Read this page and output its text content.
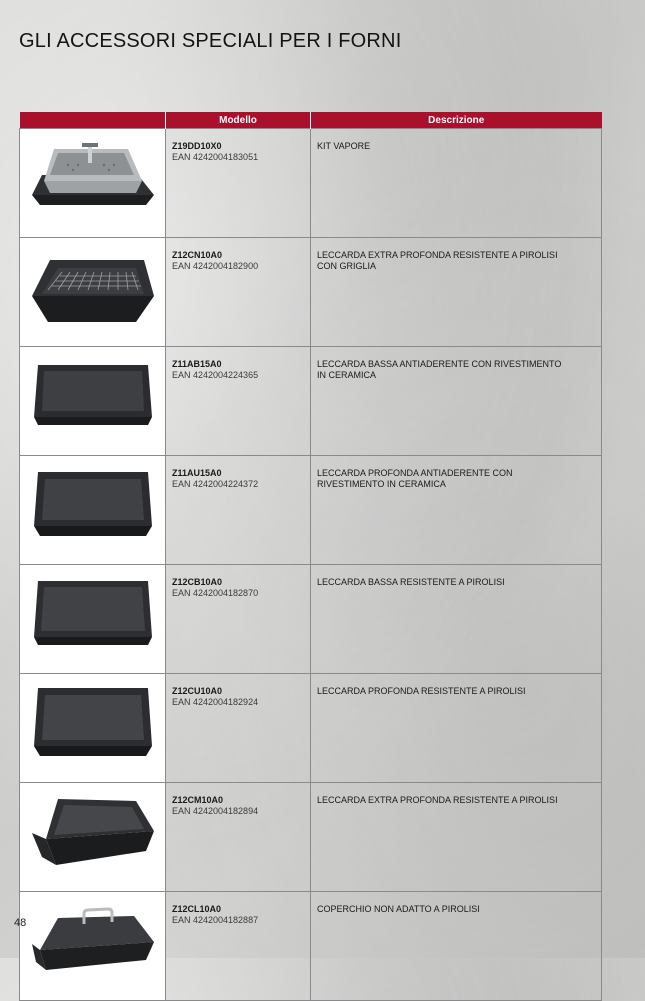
GLI ACCESSORI SPECIALI PER I FORNI
	Modello	Descrizione

Z19DD10X0
EAN 4242004183051	KIT VAPORE

Z12CN10A0
EAN 4242004182900	LECCARDA EXTRA PROFONDA RESISTENTE A PIROLISI CON GRIGLIA

Z11AB15A0
EAN 4242004224365	LECCARDA BASSA ANTIADERENTE CON RIVESTIMENTO IN CERAMICA

Z11AU15A0
EAN 4242004224372	LECCARDA PROFONDA ANTIADERENTE CON RIVESTIMENTO IN CERAMICA

Z12CB10A0
EAN 4242004182870	LECCARDA BASSA RESISTENTE A PIROLISI

Z12CU10A0
EAN 4242004182924	LECCARDA PROFONDA RESISTENTE A PIROLISI

Z12CM10A0
EAN 4242004182894	LECCARDA EXTRA PROFONDA RESISTENTE A PIROLISI

Z12CL10A0
EAN 4242004182887	COPERCHIO NON ADATTO A PIROLISI
48
